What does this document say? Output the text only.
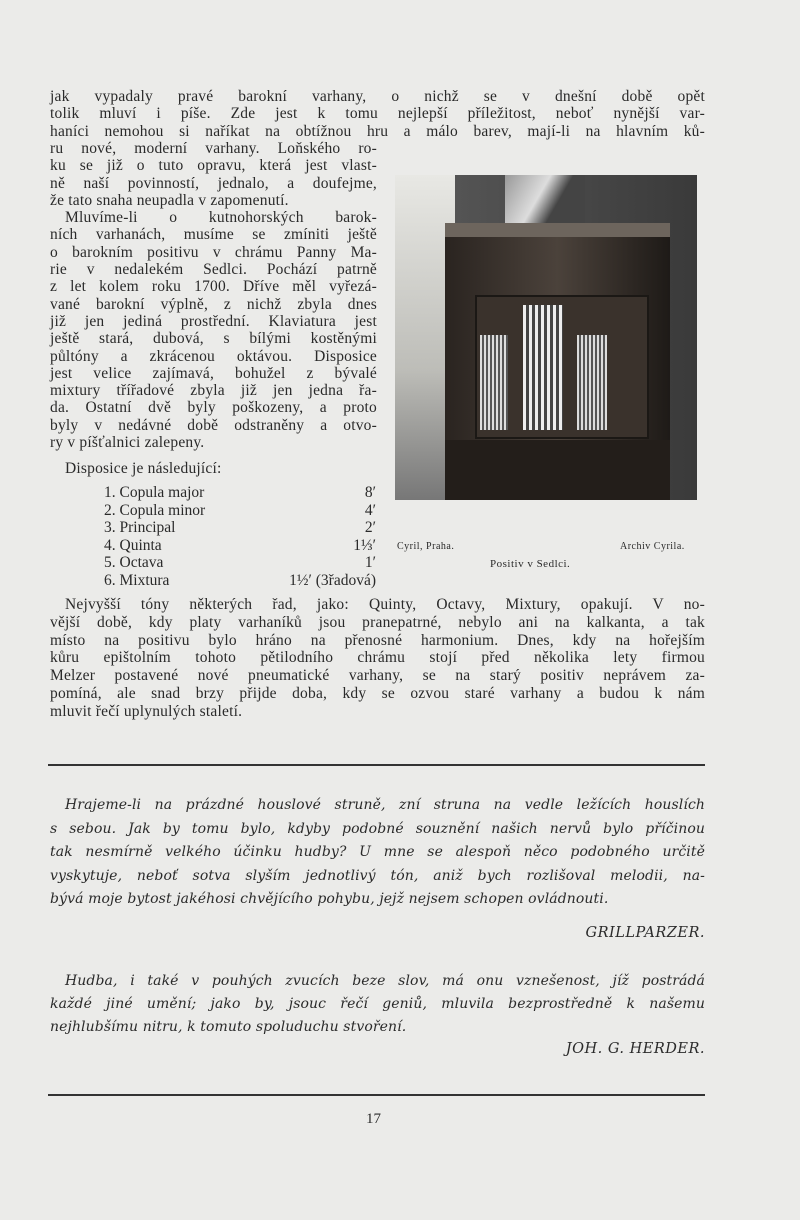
jak vypadaly pravé barokní varhany, o nichž se v dnešní době opět
tolik mluví i píše. Zde jest k tomu nejlepší příležitost, neboť nynější var-
haníci nemohou si naříkat na obtížnou hru a málo barev, mají-li na hlavním ků-
ru nové, moderní varhany. Loňského ro-
ku se již o tuto opravu, která jest vlast-
ně naší povinností, jednalo, a doufejme,
že tato snaha neupadla v zapomenutí.
Mluvíme-li o kutnohorských barok-
ních varhanách, musíme se zmíniti ještě
o barokním positivu v chrámu Panny Ma-
rie v nedalekém Sedlci. Pochází patrně
z let kolem roku 1700. Dříve měl vyřezá-
vané barokní výplně, z nichž zbyla dnes
již jen jediná prostřední. Klaviatura jest
ještě stará, dubová, s bílými kostěnými
půltóny a zkrácenou oktávou. Disposice
jest velice zajímavá, bohužel z bývalé
mixtury třířadové zbyla již jen jedna řa-
da. Ostatní dvě byly poškozeny, a proto
byly v nedávné době odstraněny a otvo-
ry v píšťalnici zalepeny.
Disposice je následující:
1. Copula major	8′
2. Copula minor	4′
3. Principal	2′
4. Quinta	1⅓′
5. Octava	1′
6. Mixtura	1½′ (3řadová)
Nejvyšší tóny některých řad, jako: Quinty, Octavy, Mixtury, opakují. V no-
vější době, kdy platy varhaníků jsou pranepatrné, nebylo ani na kalkanta, a tak
místo na positivu bylo hráno na přenosné harmonium. Dnes, kdy na hořejším
kůru epištolním tohoto pětilodního chrámu stojí před několika lety firmou
Melzer postavené nové pneumatické varhany, se na starý positiv neprávem za-
pomíná, ale snad brzy přijde doba, kdy se ozvou staré varhany a budou k nám
mluvit řečí uplynulých staletí.
Hrajeme-li na prázdné houslové struně, zní struna na vedle ležících houslích
s sebou. Jak by tomu bylo, kdyby podobné souznění našich nervů bylo příčinou
tak nesmírně velkého účinku hudby? U mne se alespoň něco podobného určitě
vyskytuje, neboť sotva slyším jednotlivý tón, aniž bych rozlišoval melodii, na-
bývá moje bytost jakéhosi chvějícího pohybu, jejž nejsem schopen ovládnouti.
Hudba, i také v pouhých zvucích beze slov, má onu vznešenost, jíž postrádá
každé jiné umění; jako by, jsouc řečí geniů, mluvila bezprostředně k našemu
nejhlubšímu nitru, k tomuto spoluduchu stvoření.
Cyril, Praha.	Archiv Cyrila.
Positiv v Sedlci.
GRILLPARZER.
JOH. G. HERDER.
17
